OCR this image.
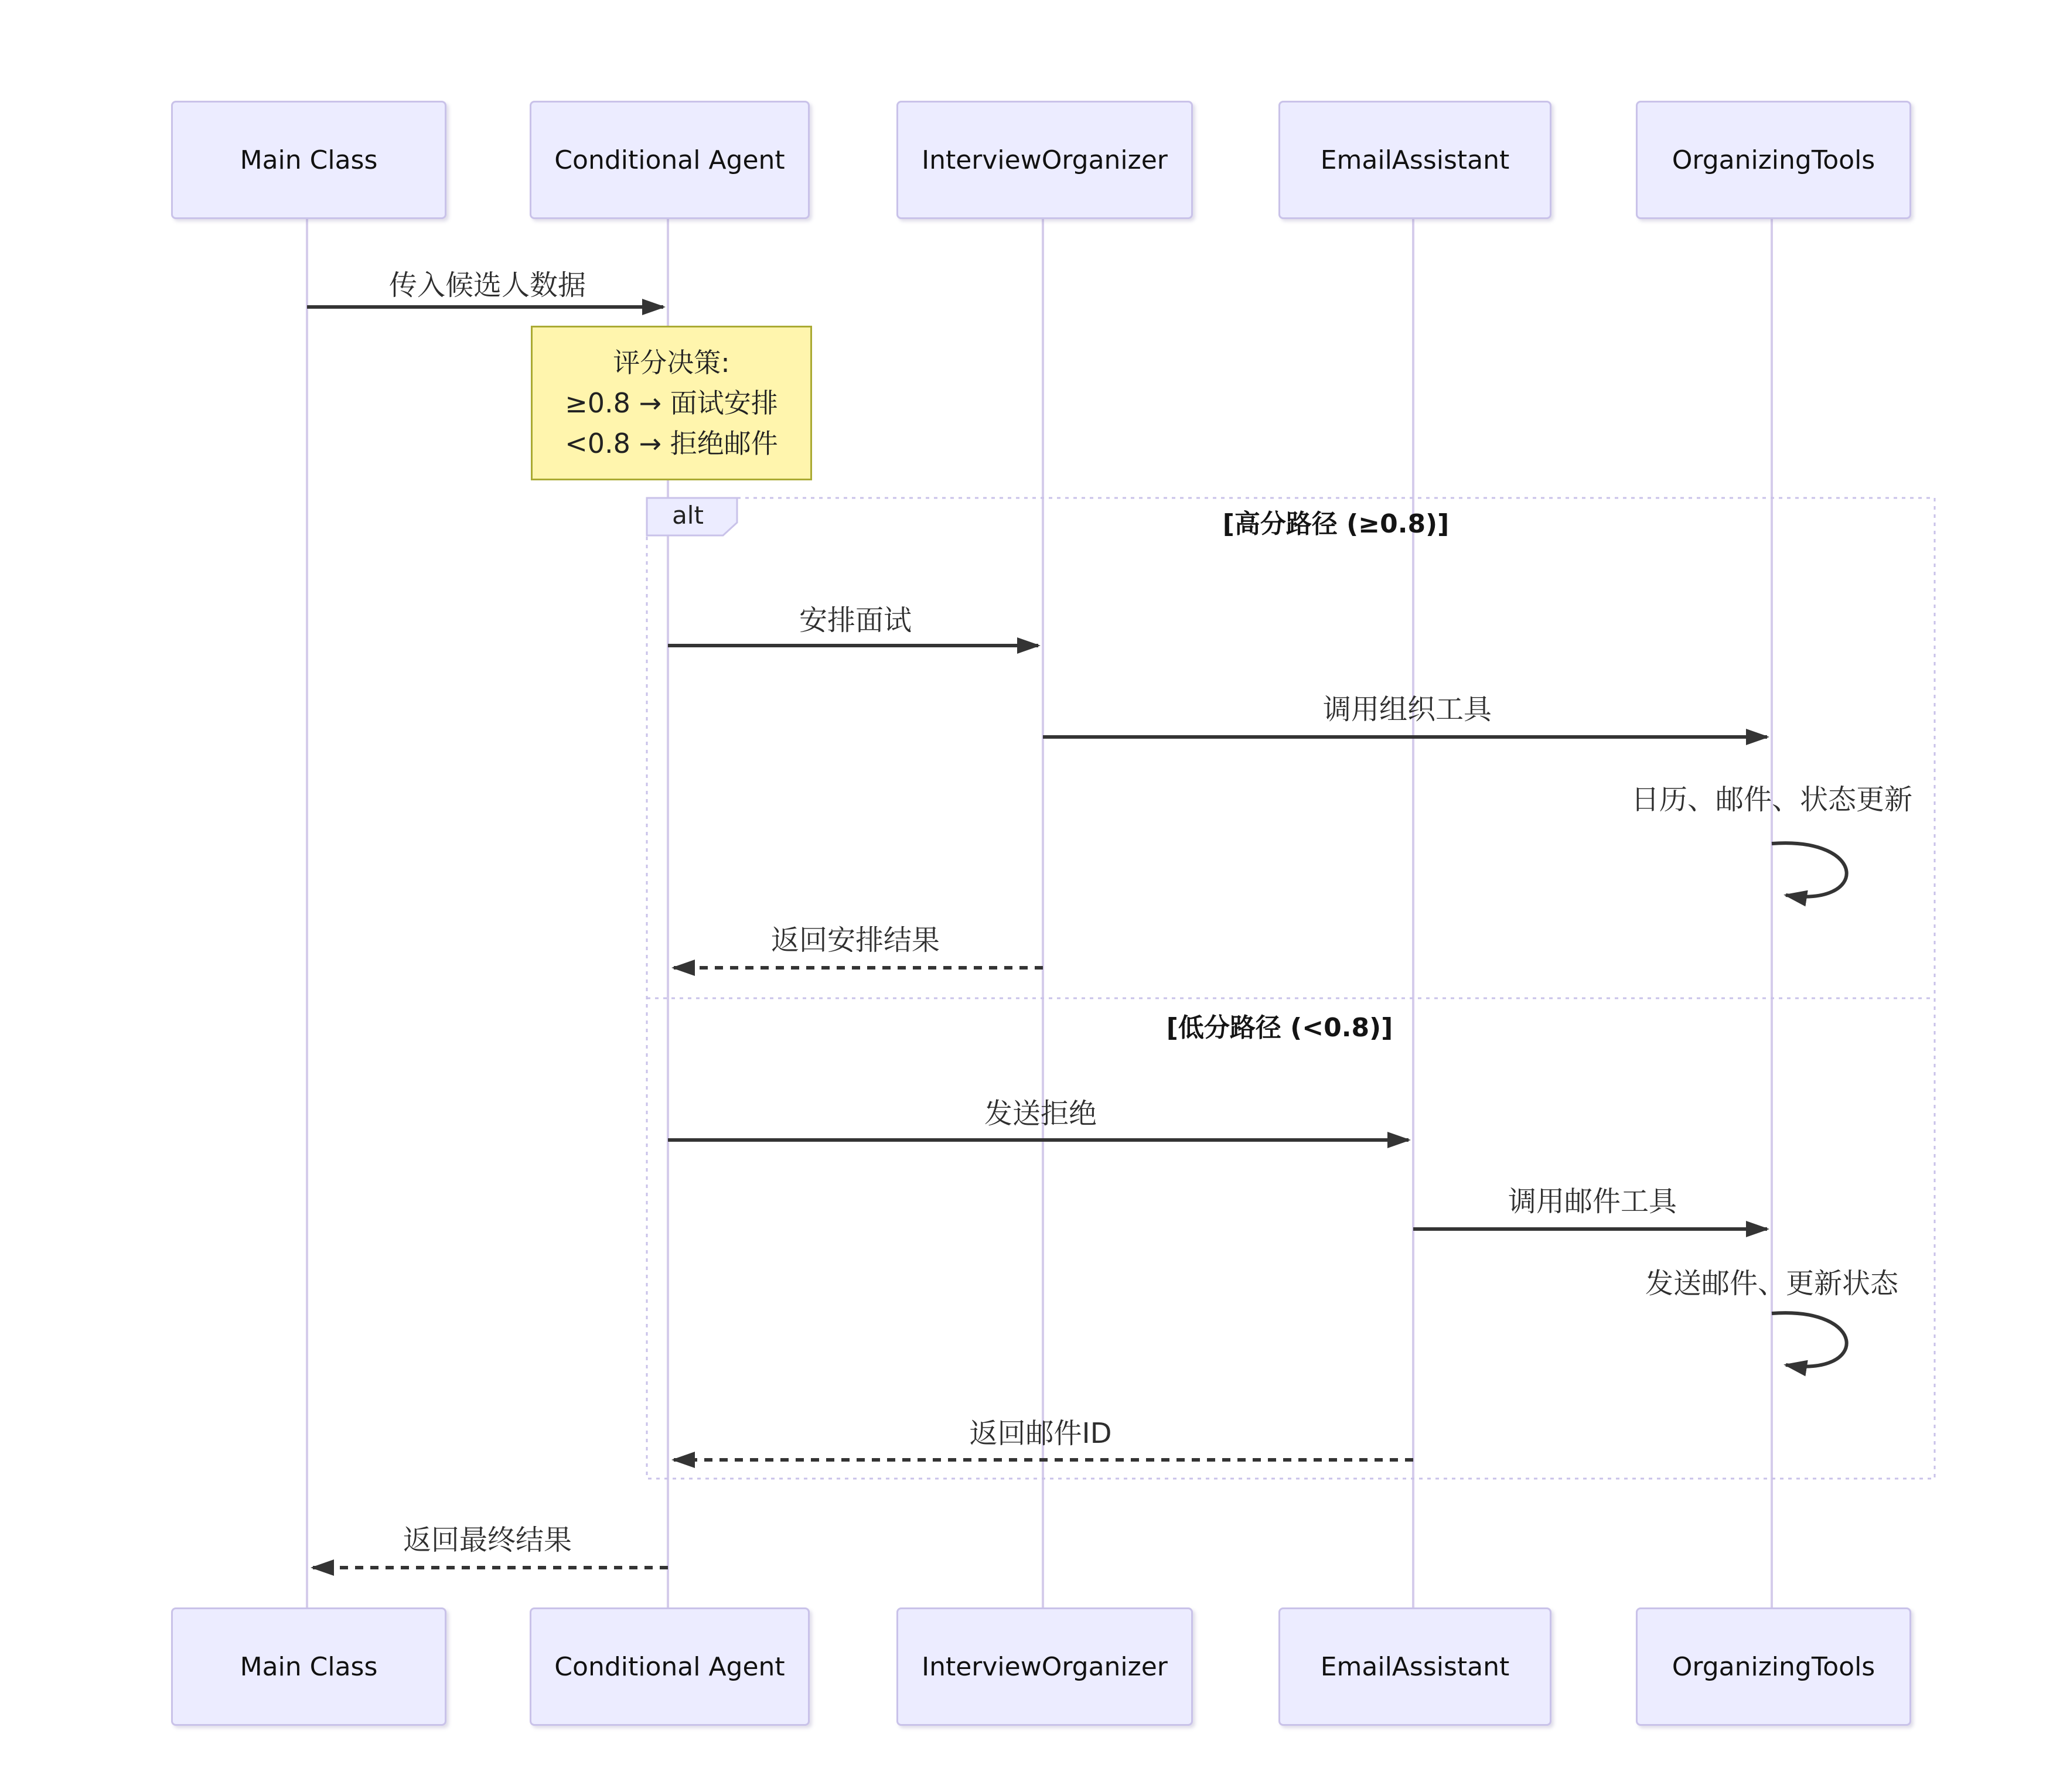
Main Class	Conditional Agent	InterviewOrganizer	EmailAssistant	OrganizingTools
Main Class	Conditional Agent	InterviewOrganizer	EmailAssistant	OrganizingTools
评分决策:
≥0.8 → 面试安排
<0.8 → 拒绝邮件
alt	[高分路径 (≥0.8)]
[低分路径 (<0.8)]
传入候选人数据
安排面试
调用组织工具
日历、邮件、状态更新
返回安排结果
发送拒绝
调用邮件工具
发送邮件、更新状态
返回邮件ID
返回最终结果
